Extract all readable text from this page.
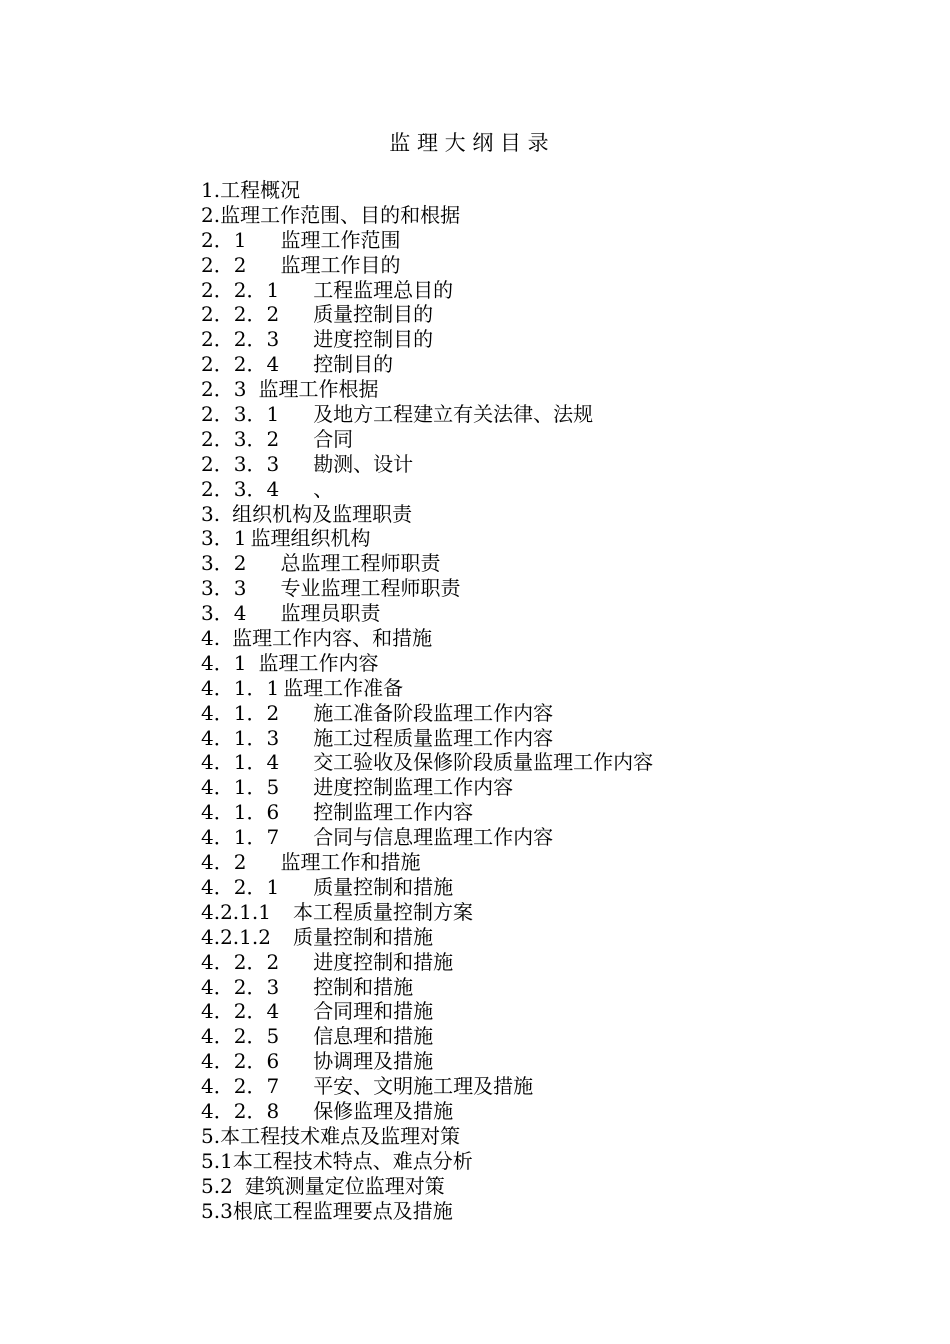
监 理 大 纲 目 录
1. 工程概况
2. 监理工作范围、目的和根据
2．1 监理工作范围
2．2 监理工作目的
2．2．1 工程监理总目的
2．2．2 质量控制目的
2．2．3 进度控制目的
2．2．4 控制目的
2．3 监理工作根据
2．3．1 及地方工程建立有关法律、法规
2．3．2 合同
2．3．3 勘测、设计
2．3．4 、
3. 组织机构及监理职责
3．1 监理组织机构
3．2 总监理工程师职责
3．3 专业监理工程师职责
3．4 监理员职责
4. 监理工作内容、和措施
4．1 监理工作内容
4．1．1 监理工作准备
4．1．2 施工准备阶段监理工作内容
4．1．3 施工过程质量监理工作内容
4．1．4 交工验收及保修阶段质量监理工作内容
4．1．5 进度控制监理工作内容
4．1．6 控制监理工作内容
4．1．7 合同与信息理监理工作内容
4．2 监理工作和措施
4．2．1 质量控制和措施
4.2.1.1 本工程质量控制方案
4.2.1.2 质量控制和措施
4．2．2 进度控制和措施
4．2．3 控制和措施
4．2．4 合同理和措施
4．2．5 信息理和措施
4．2．6 协调理及措施
4．2．7 平安、文明施工理及措施
4．2．8 保修监理及措施
5. 本工程技术难点及监理对策
5.1 本工程技术特点、难点分析
5.2 建筑测量定位监理对策
5.3 根底工程监理要点及措施
